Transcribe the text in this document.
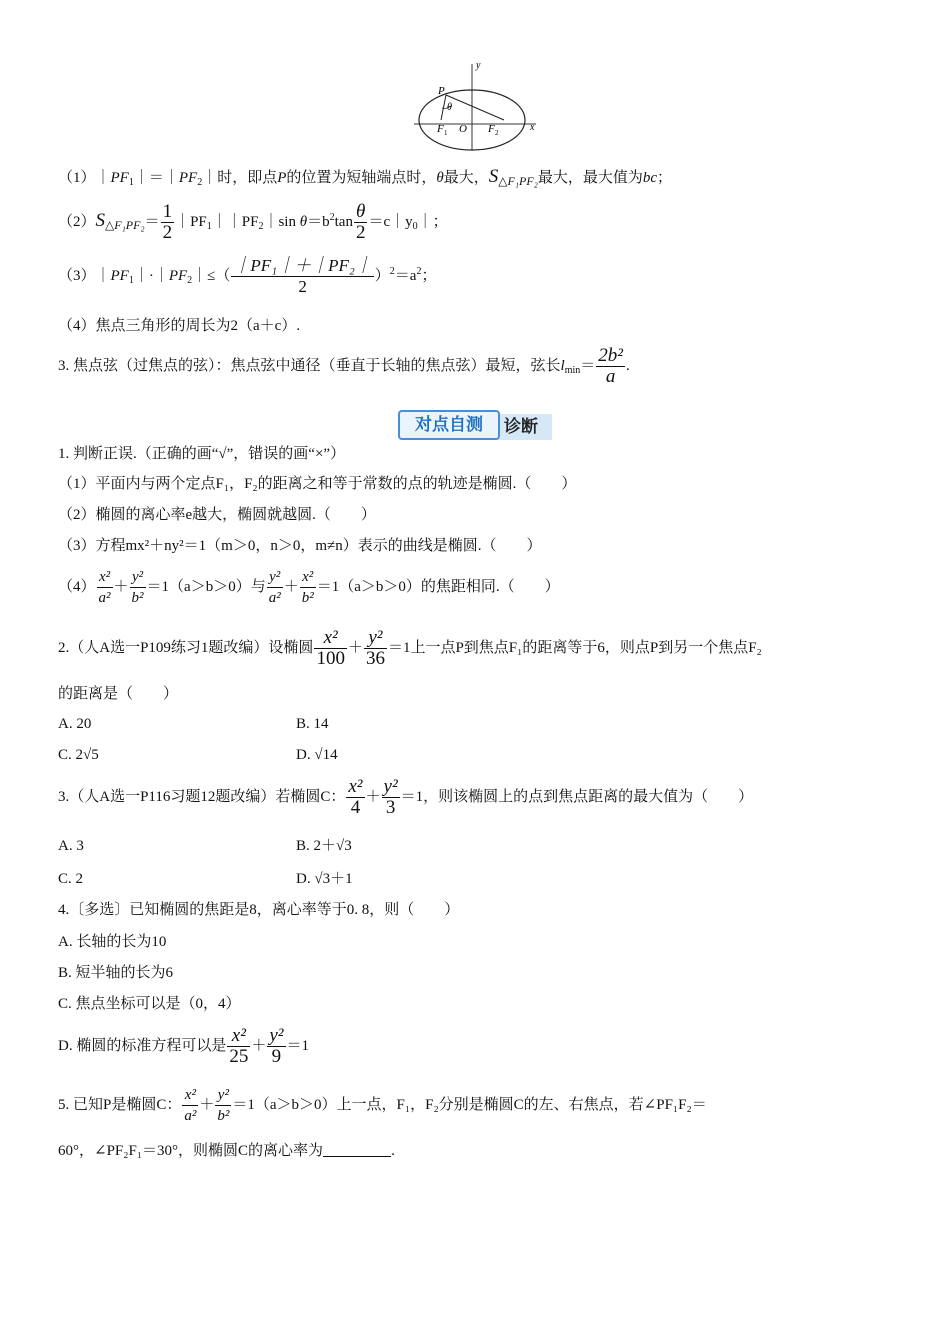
P
θ
O
F 1	F 2	x
y
$(1)|PF_1|=|PF_2|$时，即点P的位置为短轴端点时，θ最大，$S_{\triangle F_1PF_2}$最大，最大值为bc；
$(2)S_{\triangle F_1PF_2}= \frac{1}{2}$ $|PF_1||PF_2|\sin$ $\theta=b^2\tan \frac{\theta}{2}$ $=c|y_0|$；
$(3)|PF_1|\cdot|PF_2|\le( \frac{\text{｜PF₁｜＋｜PF₂｜}}{2} )^2=a^2$；
（4）焦点三角形的周长为2（a＋c）.
3. 焦点弦（过焦点的弦）：焦点弦中通径（垂直于长轴的焦点弦）最短，弦长$l_{min}= \frac{\text{2b²}}{a}$ .
对点自测	诊断
1. 判断正误.（正确的画“√”，错误的画“×”）
（1）平面内与两个定点F₁，F₂的距离之和等于常数的点的轨迹是椭圆.（　　）
（2）椭圆的离心率e越大，椭圆就越圆.（　　）
（3）方程mx²＋ny²＝1（m＞0，n＞0，m≠n）表示的曲线是椭圆.（　　）
$(4) \frac{\text{x²}}{\text{a²}} + \frac{\text{y²}}{\text{b²}} =1(a>b>0)$与 $\frac{\text{y²}}{\text{a²}} + \frac{\text{x²}}{\text{b²}} =1(a>b>0)$的焦距相同.（　　）
2.（人A选一P109练习1题改编）设椭圆 $\frac{\text{x²}}{100} + \frac{\text{y²}}{36} =1$上一点P到焦点F₁的距离等于6，则点P到另一个焦点F₂
的距离是（　　）
A. 20	B. 14
C. 2√5	D. √14
3.（人A选一P116习题12题改编）若椭圆C： $\frac{\text{x²}}{4} + \frac{\text{y²}}{3} =1$，则该椭圆上的点到焦点距离的最大值为（　　）
A. 3	B. 2＋√3
C. 2	D. √3＋1
4.〔多选〕已知椭圆的焦距是8，离心率等于0. 8，则（　　）
A. 长轴的长为10
B. 短半轴的长为6
C. 焦点坐标可以是（0，4）
D. 椭圆的标准方程可以是 $\frac{\text{x²}}{25} + \frac{\text{y²}}{9} =1$
5. 已知P是椭圆C： $\frac{\text{x²}}{\text{a²}} + \frac{\text{y²}}{\text{b²}} =1(a>b>0)$上一点，F₁，F₂分别是椭圆C的左、右焦点，若∠PF₁F₂＝
60°，∠PF₂F₁＝30°，则椭圆C的离心率为	.
